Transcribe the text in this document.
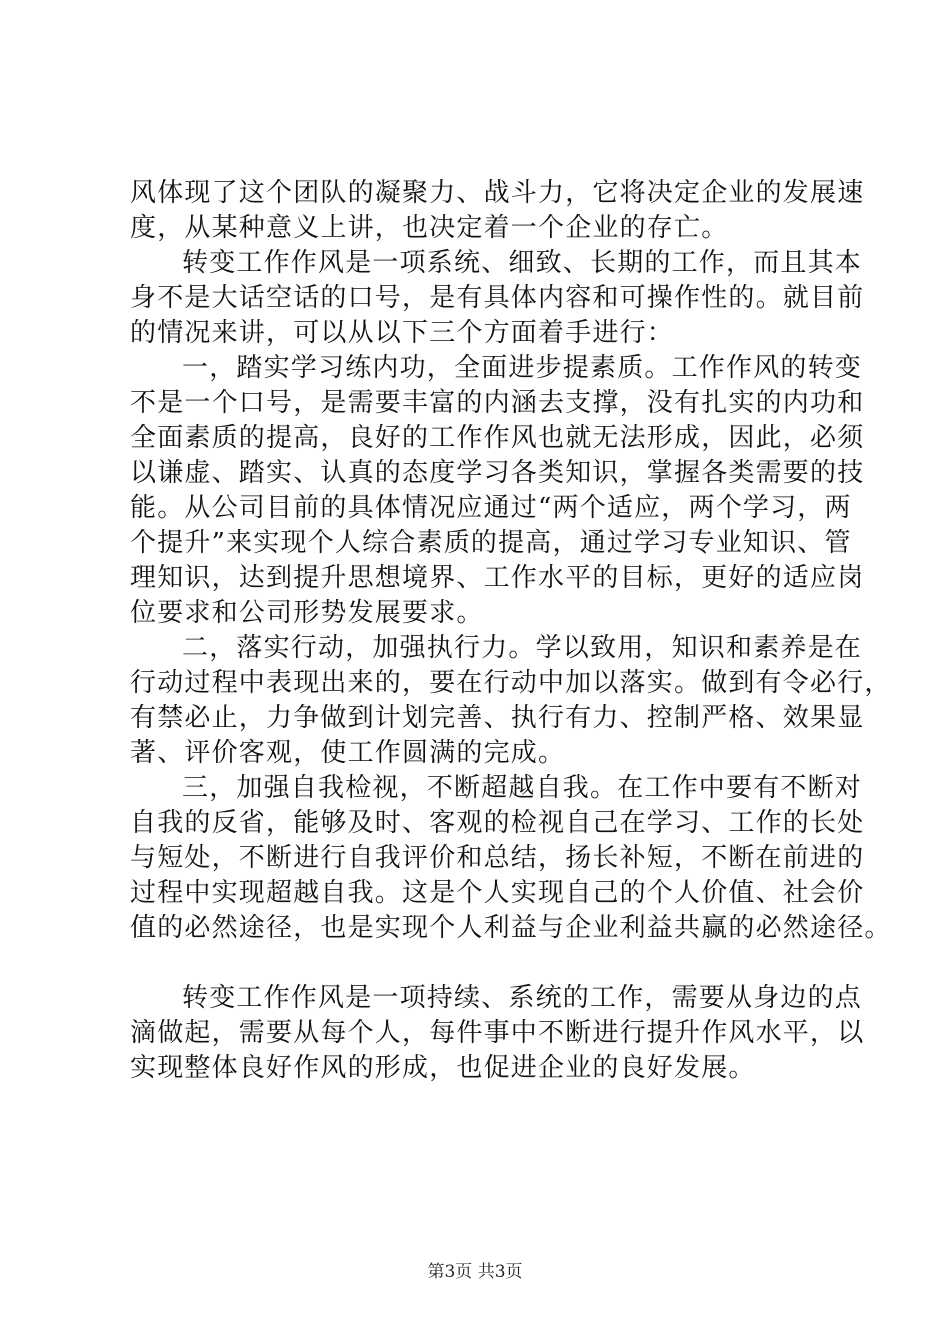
风体现了这个团队的凝聚力、战斗力，它将决定企业的发展速
度，从某种意义上讲，也决定着一个企业的存亡。
转变工作作风是一项系统、细致、长期的工作，而且其本
身不是大话空话的口号，是有具体内容和可操作性的。就目前
的情况来讲，可以从以下三个方面着手进行：
一，踏实学习练内功，全面进步提素质。工作作风的转变
不是一个口号，是需要丰富的内涵去支撑，没有扎实的内功和
全面素质的提高，良好的工作作风也就无法形成，因此，必须
以谦虚、踏实、认真的态度学习各类知识，掌握各类需要的技
能。从公司目前的具体情况应通过“两个适应，两个学习，两
个提升”来实现个人综合素质的提高，通过学习专业知识、管
理知识，达到提升思想境界、工作水平的目标，更好的适应岗
位要求和公司形势发展要求。
二，落实行动，加强执行力。学以致用，知识和素养是在
行动过程中表现出来的，要在行动中加以落实。做到有令必行，
有禁必止，力争做到计划完善、执行有力、控制严格、效果显
著、评价客观，使工作圆满的完成。
三，加强自我检视，不断超越自我。在工作中要有不断对
自我的反省，能够及时、客观的检视自己在学习、工作的长处
与短处，不断进行自我评价和总结，扬长补短，不断在前进的
过程中实现超越自我。这是个人实现自己的个人价值、社会价
值的必然途径，也是实现个人利益与企业利益共赢的必然途径。
转变工作作风是一项持续、系统的工作，需要从身边的点
滴做起，需要从每个人，每件事中不断进行提升作风水平，以
实现整体良好作风的形成，也促进企业的良好发展。
第3页 共3页
